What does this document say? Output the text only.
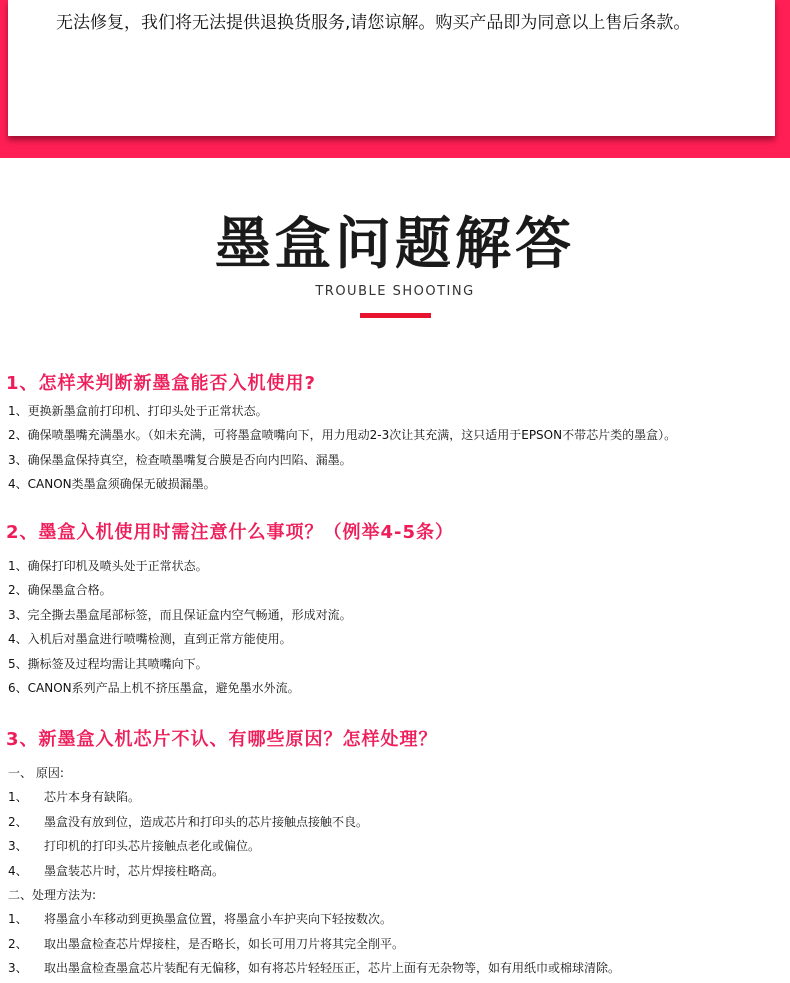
无法修复，我们将无法提供退换货服务,请您谅解。购买产品即为同意以上售后条款。
墨盒问题解答
TROUBLE SHOOTING
1、怎样来判断新墨盒能否入机使用?
1、更换新墨盒前打印机、打印头处于正常状态。
2、确保喷墨嘴充满墨水。（如未充满，可将墨盒喷嘴向下，用力甩动2-3次让其充满，这只适用于EPSON不带芯片类的墨盒）。
3、确保墨盒保持真空，检查喷墨嘴复合膜是否向内凹陷、漏墨。
4、CANON类墨盒须确保无破损漏墨。
2、墨盒入机使用时需注意什么事项？（例举4-5条）
1、确保打印机及喷头处于正常状态。
2、确保墨盒合格。
3、完全撕去墨盒尾部标签，而且保证盒内空气畅通，形成对流。
4、入机后对墨盒进行喷嘴检测，直到正常方能使用。
5、撕标签及过程均需让其喷嘴向下。
6、CANON系列产品上机不挤压墨盒，避免墨水外流。
3、新墨盒入机芯片不认、有哪些原因？怎样处理？
一、 原因:
1、 芯片本身有缺陷。
2、 墨盒没有放到位，造成芯片和打印头的芯片接触点接触不良。
3、 打印机的打印头芯片接触点老化或偏位。
4、 墨盒装芯片时，芯片焊接柱略高。
二、处理方法为:
1、 将墨盒小车移动到更换墨盒位置，将墨盒小车护夹向下轻按数次。
2、 取出墨盒检查芯片焊接柱，是否略长，如长可用刀片将其完全削平。
3、 取出墨盒检查墨盒芯片装配有无偏移，如有将芯片轻轻压正，芯片上面有无杂物等，如有用纸巾或棉球清除。
